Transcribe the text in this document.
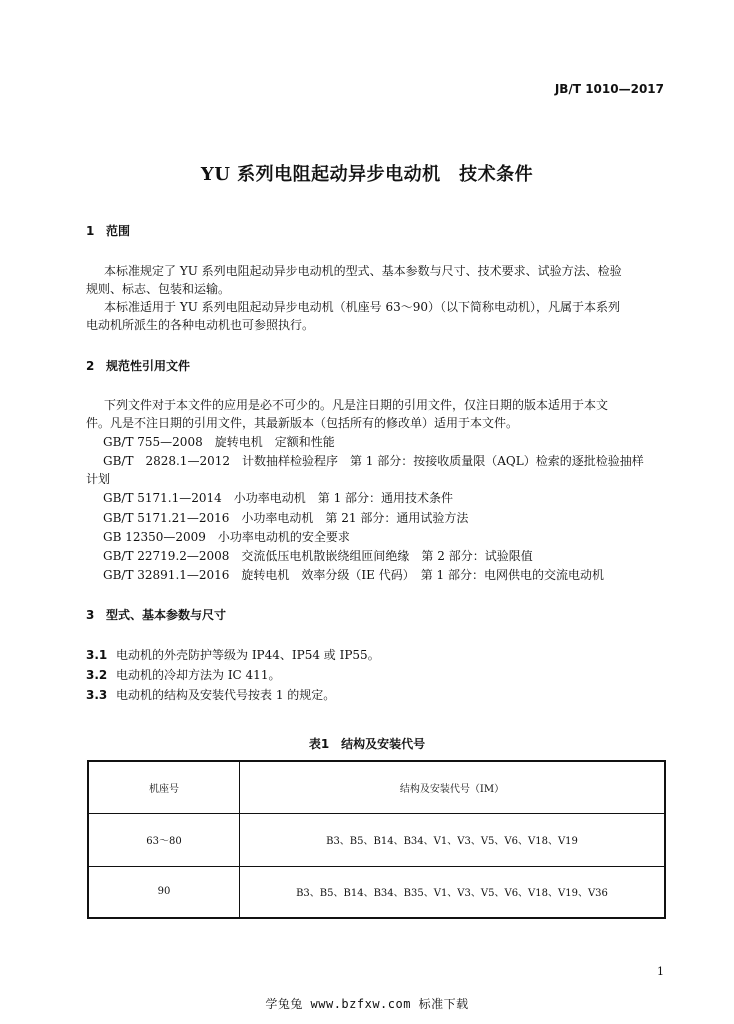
JB/T 1010—2017
YU 系列电阻起动异步电动机　技术条件
1 范围
本标准规定了 YU 系列电阻起动异步电动机的型式、基本参数与尺寸、技术要求、试验方法、检验
规则、标志、包装和运输。
本标准适用于 YU 系列电阻起动异步电动机（机座号 63～90）（以下简称电动机），凡属于本系列
电动机所派生的各种电动机也可参照执行。
2 规范性引用文件
下列文件对于本文件的应用是必不可少的。凡是注日期的引用文件，仅注日期的版本适用于本文
件。凡是不注日期的引用文件，其最新版本（包括所有的修改单）适用于本文件。
GB/T 755—2008　旋转电机　定额和性能
GB/T　2828.1—2012　计数抽样检验程序　第 1 部分：按接收质量限（AQL）检索的逐批检验抽样
计划
GB/T 5171.1—2014　小功率电动机　第 1 部分：通用技术条件
GB/T 5171.21—2016　小功率电动机　第 21 部分：通用试验方法
GB 12350—2009　小功率电动机的安全要求
GB/T 22719.2—2008　交流低压电机散嵌绕组匝间绝缘　第 2 部分：试验限值
GB/T 32891.1—2016　旋转电机　效率分级（IE 代码）　第 1 部分：电网供电的交流电动机
3 型式、基本参数与尺寸
3.1 电动机的外壳防护等级为 IP44、IP54 或 IP55。
3.2 电动机的冷却方法为 IC 411。
3.3 电动机的结构及安装代号按表 1 的规定。
表1　结构及安装代号
机座号	结构及安装代号（IM）
63～80	B3、B5、B14、B34、V1、V3、V5、V6、V18、V19
90	B3、B5、B14、B34、B35、V1、V3、V5、V6、V18、V19、V36
1
学兔兔 www.bzfxw.com 标准下载
